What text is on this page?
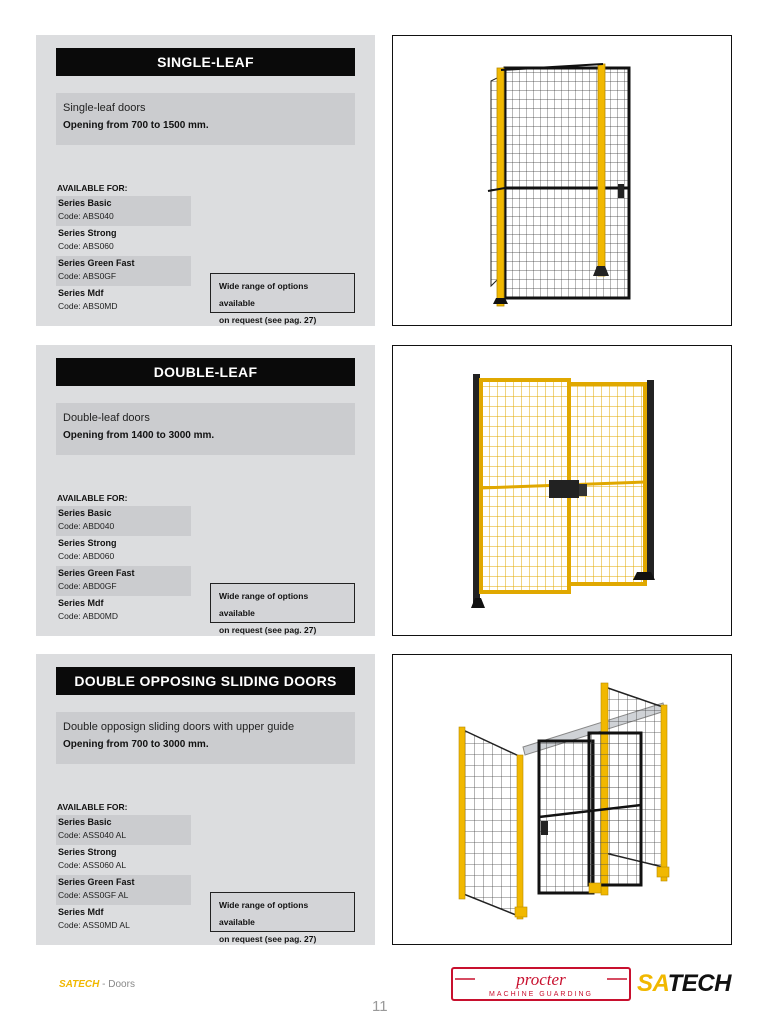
SINGLE-LEAF
Single-leaf doors
Opening from 700 to 1500 mm.
AVAILABLE FOR:
Series Basic
Code: ABS040
Series Strong
Code: ABS060
Series Green Fast
Code: ABS0GF
Series Mdf
Code: ABS0MD
Wide range of options available
on request (see pag. 27)
DOUBLE-LEAF
Double-leaf doors
Opening from 1400 to 3000 mm.
AVAILABLE FOR:
Series Basic
Code: ABD040
Series Strong
Code: ABD060
Series Green Fast
Code: ABD0GF
Series Mdf
Code: ABD0MD
Wide range of options available
on request (see pag. 27)
DOUBLE OPPOSING SLIDING DOORS
Double opposign sliding doors with upper guide
Opening from 700 to 3000 mm.
AVAILABLE FOR:
Series Basic
Code: ASS040 AL
Series Strong
Code: ASS060 AL
Series Green Fast
Code: ASS0GF AL
Series Mdf
Code: ASS0MD AL
Wide range of options available
on request (see pag. 27)
SATECH - Doors
11
procter
MACHINE GUARDING SATECH
